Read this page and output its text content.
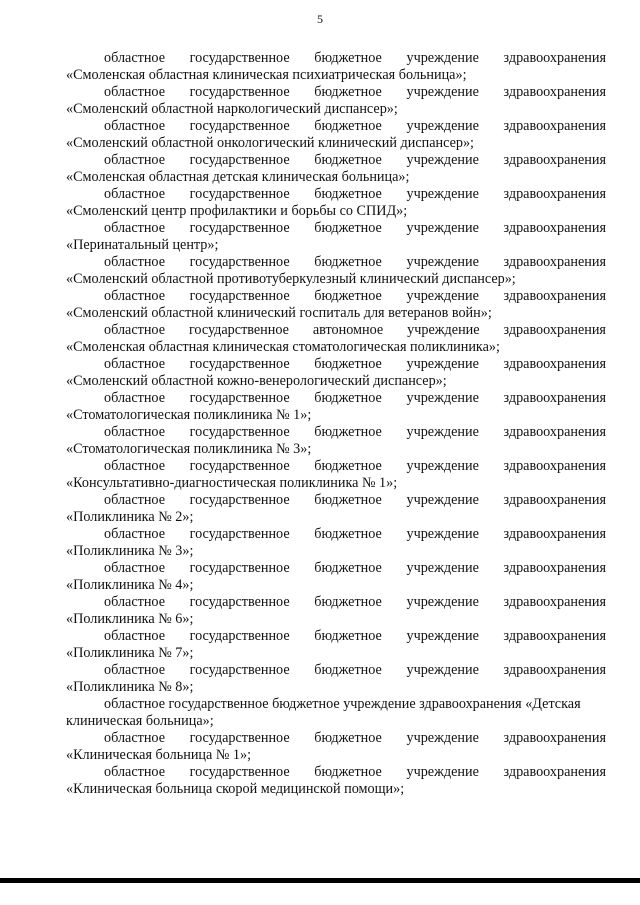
5
областное государственное бюджетное учреждение здравоохранения
«Смоленская областная клиническая психиатрическая больница»;
областное государственное бюджетное учреждение здравоохранения
«Смоленский областной наркологический диспансер»;
областное государственное бюджетное учреждение здравоохранения
«Смоленский областной онкологический клинический диспансер»;
областное государственное бюджетное учреждение здравоохранения
«Смоленская областная детская клиническая больница»;
областное государственное бюджетное учреждение здравоохранения
«Смоленский центр профилактики и борьбы со СПИД»;
областное государственное бюджетное учреждение здравоохранения
«Перинатальный центр»;
областное государственное бюджетное учреждение здравоохранения
«Смоленский областной противотуберкулезный клинический диспансер»;
областное государственное бюджетное учреждение здравоохранения
«Смоленский областной клинический госпиталь для ветеранов войн»;
областное государственное автономное учреждение здравоохранения
«Смоленская областная клиническая стоматологическая поликлиника»;
областное государственное бюджетное учреждение здравоохранения
«Смоленский областной кожно-венерологический диспансер»;
областное государственное бюджетное учреждение здравоохранения
«Стоматологическая поликлиника № 1»;
областное государственное бюджетное учреждение здравоохранения
«Стоматологическая поликлиника № 3»;
областное государственное бюджетное учреждение здравоохранения
«Консультативно-диагностическая поликлиника № 1»;
областное государственное бюджетное учреждение здравоохранения
«Поликлиника № 2»;
областное государственное бюджетное учреждение здравоохранения
«Поликлиника № 3»;
областное государственное бюджетное учреждение здравоохранения
«Поликлиника № 4»;
областное государственное бюджетное учреждение здравоохранения
«Поликлиника № 6»;
областное государственное бюджетное учреждение здравоохранения
«Поликлиника № 7»;
областное государственное бюджетное учреждение здравоохранения
«Поликлиника № 8»;
областное государственное бюджетное учреждение здравоохранения «Детская
клиническая больница»;
областное государственное бюджетное учреждение здравоохранения
«Клиническая больница № 1»;
областное государственное бюджетное учреждение здравоохранения
«Клиническая больница скорой медицинской помощи»;
